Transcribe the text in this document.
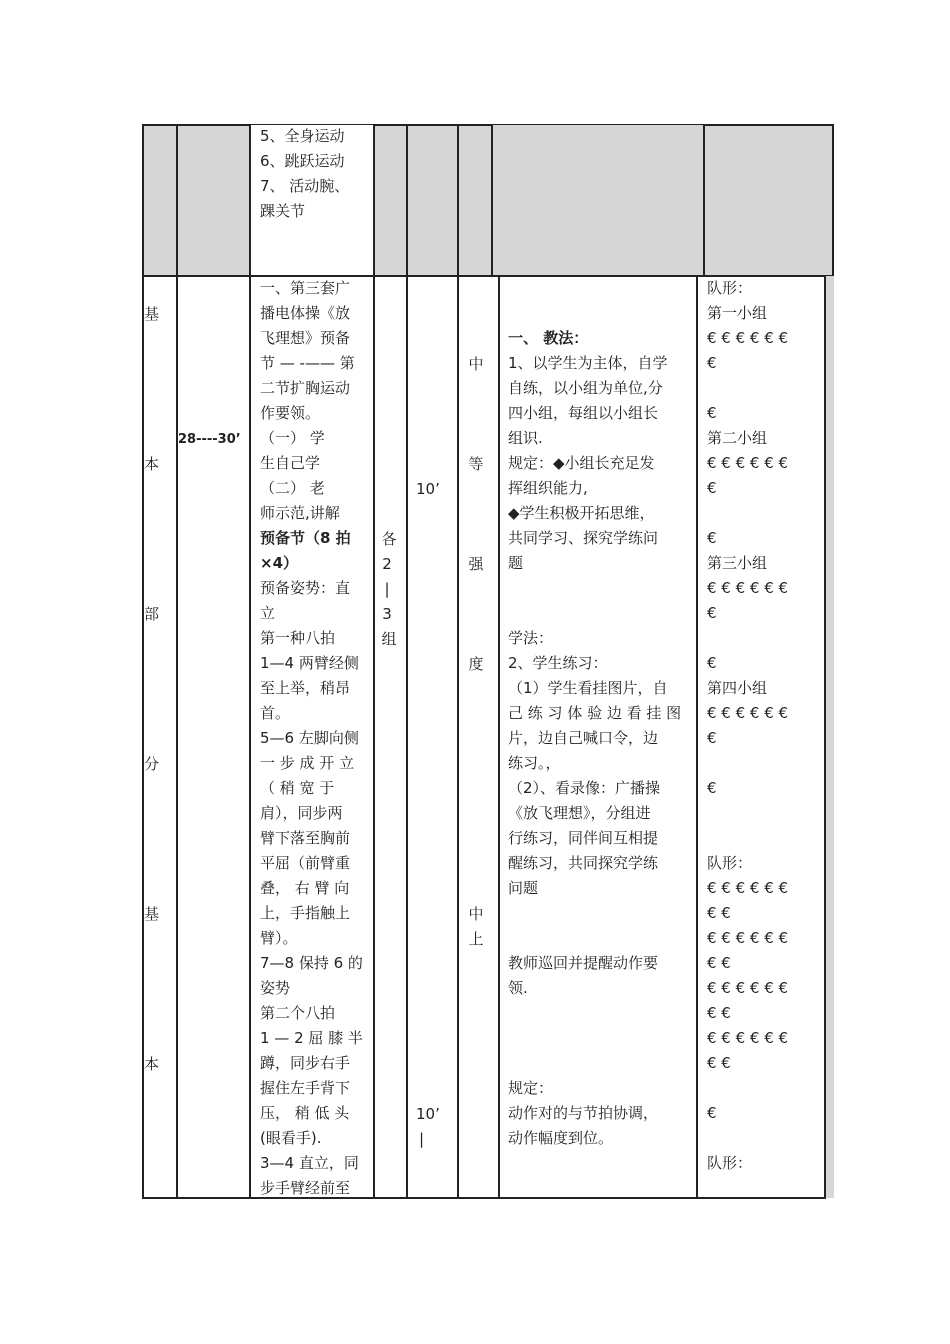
5、全身运动
6、跳跃运动
7、 活动腕、
踝关节
基
本
部
分
基
本
28----30’
一、第三套广
播电体操《放
飞理想》预备
节 — -—— 第
二节扩胸运动
作要领。
（一） 学
生自己学
（二） 老
师示范,讲解
预备节（8 拍
×4）
预备姿势：直
立
第一种八拍
1—4 两臂经侧
至上举，稍昂
首。
5—6 左脚向侧
一 步 成 开 立
（ 稍 宽 于
肩），同步两
臂下落至胸前
平屈（前臂重
叠， 右 臂 向
上，手指触上
臂）。
7—8 保持 6 的
姿势
第二个八拍
1 — 2 屈 膝 半
蹲，同步右手
握住左手背下
压， 稍 低 头
(眼看手).
3—4 直立，同
步手臂经前至
各
2
|
3
组
10’
10’
|
中
等
强
度
中
上
一、 教法：
1、以学生为主体，自学
自练，以小组为单位,分
四小组，每组以小组长
组识.
规定：◆小组长充足发
挥组织能力,
◆学生积极开拓思维，
共同学习、探究学练问
题
学法：
2、学生练习：
（1）学生看挂图片，自
己 练 习 体 验 边 看 挂 图
片，边自己喊口令，边
练习。，
（2）、看录像：广播操
《放飞理想》，分组进
行练习，同伴间互相提
醒练习，共同探究学练
问题
教师巡回并提醒动作要
领.
规定：
动作对的与节拍协调，
动作幅度到位。
队形：
第一小组
€ € € € € €
€
€
第二小组
€ € € € € €
€
€
第三小组
€ € € € € €
€
€
第四小组
€ € € € € €
€
€
队形：
€ € € € € €
€ €
€ € € € € €
€ €
€ € € € € €
€ €
€ € € € € €
€ €
€
队形：
